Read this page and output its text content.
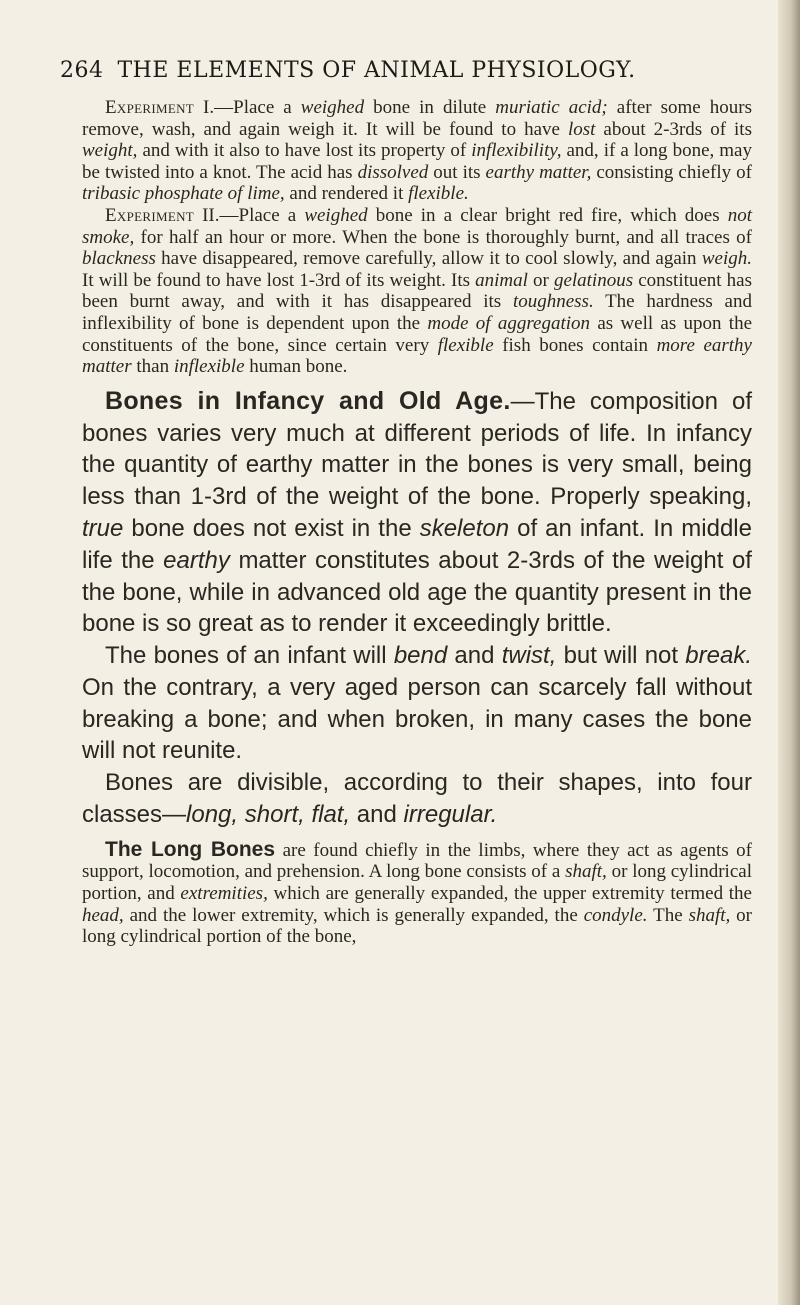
264 THE ELEMENTS OF ANIMAL PHYSIOLOGY.

Experiment I.—Place a weighed bone in dilute muriatic acid; after some hours remove, wash, and again weigh it. It will be found to have lost about 2-3rds of its weight, and with it also to have lost its property of inflexibility, and, if a long bone, may be twisted into a knot. The acid has dissolved out its earthy matter, consisting chiefly of tribasic phosphate of lime, and rendered it flexible.

Experiment II.—Place a weighed bone in a clear bright red fire, which does not smoke, for half an hour or more. When the bone is thoroughly burnt, and all traces of blackness have disappeared, remove carefully, allow it to cool slowly, and again weigh. It will be found to have lost 1-3rd of its weight. Its animal or gelatinous constituent has been burnt away, and with it has disappeared its toughness. The hardness and inflexibility of bone is dependent upon the mode of aggregation as well as upon the constituents of the bone, since certain very flexible fish bones contain more earthy matter than inflexible human bone.

Bones in Infancy and Old Age.—The composition of bones varies very much at different periods of life. In infancy the quantity of earthy matter in the bones is very small, being less than 1-3rd of the weight of the bone. Properly speaking, true bone does not exist in the skeleton of an infant. In middle life the earthy matter constitutes about 2-3rds of the weight of the bone, while in advanced old age the quantity present in the bone is so great as to render it exceedingly brittle.

The bones of an infant will bend and twist, but will not break. On the contrary, a very aged person can scarcely fall without breaking a bone; and when broken, in many cases the bone will not reunite.

Bones are divisible, according to their shapes, into four classes—long, short, flat, and irregular.

The Long Bones are found chiefly in the limbs, where they act as agents of support, locomotion, and prehension. A long bone consists of a shaft, or long cylindrical portion, and extremities, which are generally expanded, the upper extremity termed the head, and the lower extremity, which is generally expanded, the condyle. The shaft, or long cylindrical portion of the bone,
